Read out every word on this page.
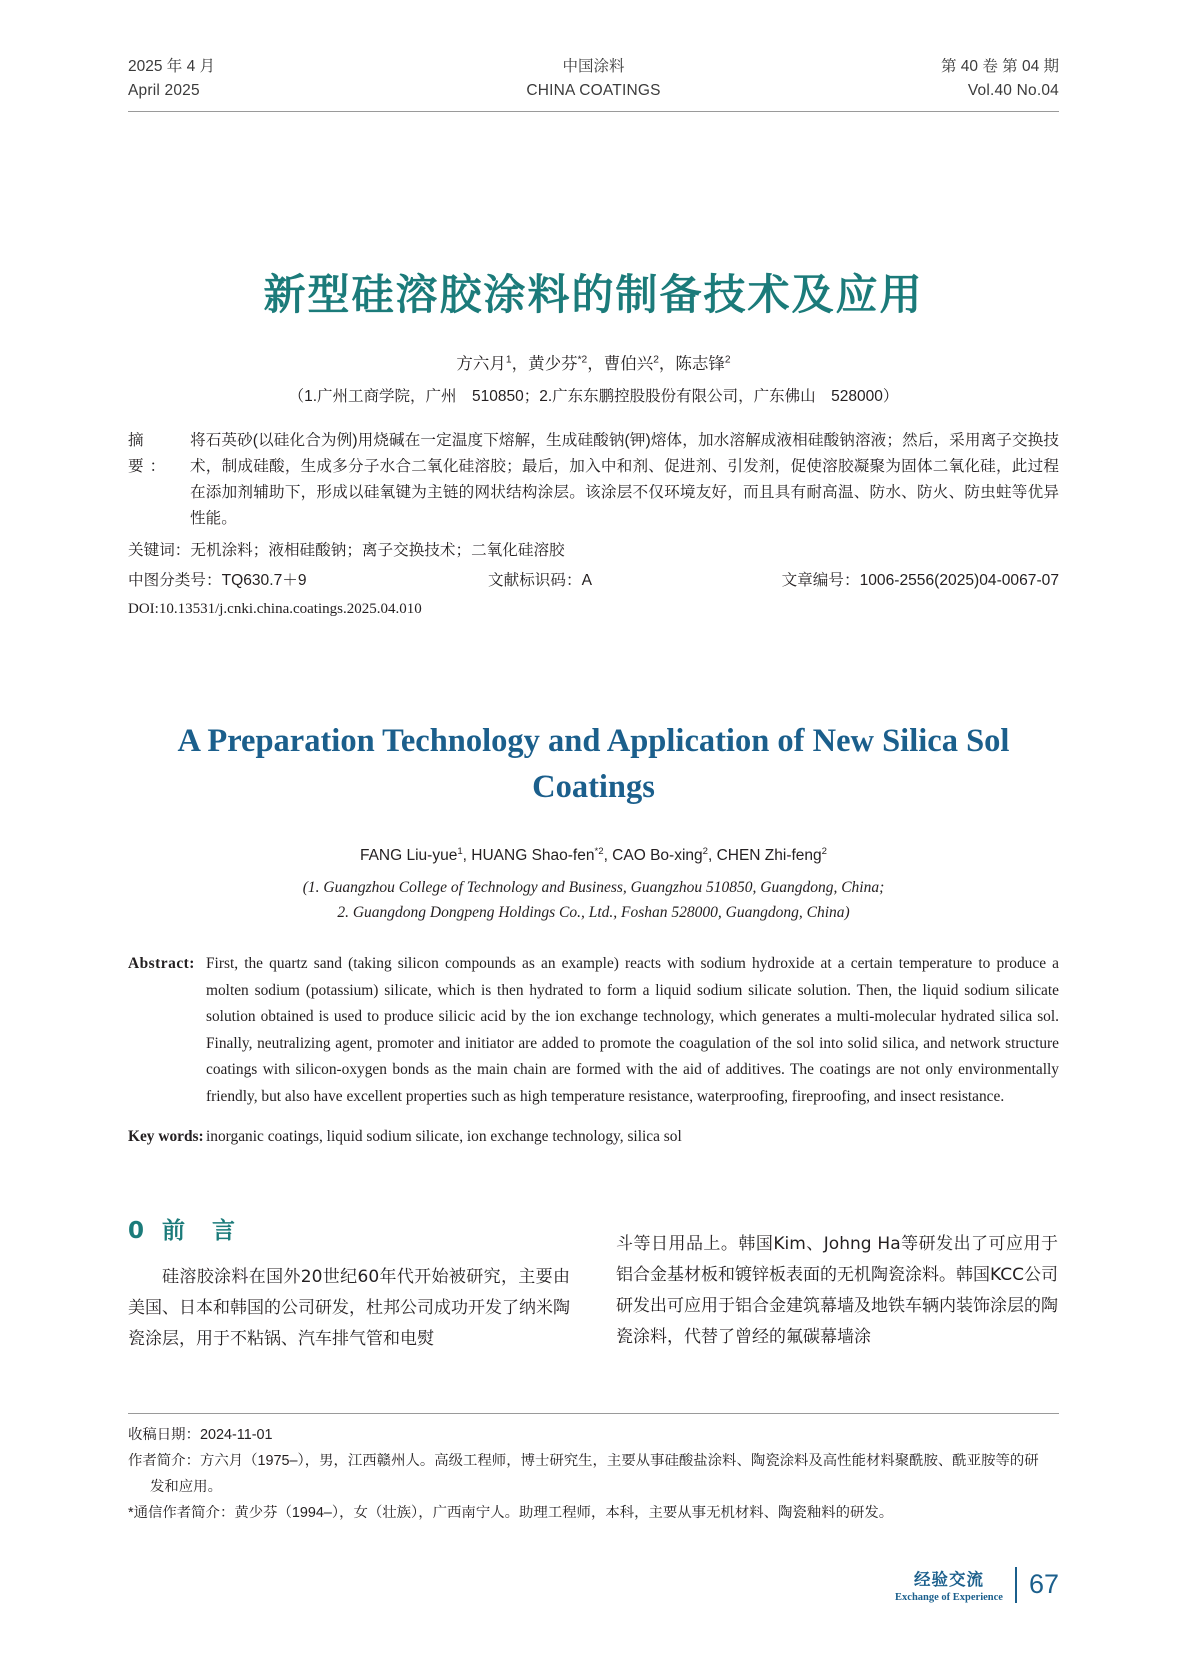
2025 年 4 月
April 2025
中国涂料
CHINA COATINGS
第 40 卷 第 04 期
Vol.40 No.04
新型硅溶胶涂料的制备技术及应用
方六月$^1$，黄少芬$^{*2}$，曹伯兴$^2$，陈志锋$^2$
（1.广州工商学院，广州　510850；2.广东东鹏控股股份有限公司，广东佛山　528000）
摘　要：
将石英砂(以硅化合为例)用烧碱在一定温度下熔解，生成硅酸钠(钾)熔体，加水溶解成液相硅酸钠溶液；然后，采用离子交换技术，制成硅酸，生成多分子水合二氧化硅溶胶；最后，加入中和剂、促进剂、引发剂，促使溶胶凝聚为固体二氧化硅，此过程在添加剂辅助下，形成以硅氧键为主链的网状结构涂层。该涂层不仅环境友好，而且具有耐高温、防水、防火、防虫蛀等优异性能。
关键词：无机涂料；液相硅酸钠；离子交换技术；二氧化硅溶胶
中图分类号：TQ630.7＋9	文献标识码：A	文章编号：1006-2556(2025)04-0067-07
DOI:10.13531/j.cnki.china.coatings.2025.04.010
A Preparation Technology and Application of New Silica Sol Coatings
FANG Liu-yue$^1$, HUANG Shao-fen$^{*2}$, CAO Bo-xing$^2$, CHEN Zhi-feng$^2$
(1. Guangzhou College of Technology and Business, Guangzhou 510850, Guangdong, China;
2. Guangdong Dongpeng Holdings Co., Ltd., Foshan 528000, Guangdong, China)
Abstract: First, the quartz sand (taking silicon compounds as an example) reacts with sodium hydroxide at a certain temperature to produce a molten sodium (potassium) silicate, which is then hydrated to form a liquid sodium silicate solution. Then, the liquid sodium silicate solution obtained is used to produce silicic acid by the ion exchange technology, which generates a multi-molecular hydrated silica sol. Finally, neutralizing agent, promoter and initiator are added to promote the coagulation of the sol into solid silica, and network structure coatings with silicon-oxygen bonds as the main chain are formed with the aid of additives. The coatings are not only environmentally friendly, but also have excellent properties such as high temperature resistance, waterproofing, fireproofing, and insect resistance.
Key words: inorganic coatings, liquid sodium silicate, ion exchange technology, silica sol
0 前　言

硅溶胶涂料在国外20世纪60年代开始被研究，主要由美国、日本和韩国的公司研发，杜邦公司成功开发了纳米陶瓷涂层，用于不粘锅、汽车排气管和电熨

斗等日用品上。韩国Kim、Johng Ha等研发出了可应用于铝合金基材板和镀锌板表面的无机陶瓷涂料。韩国KCC公司研发出可应用于铝合金建筑幕墙及地铁车辆内装饰涂层的陶瓷涂料，代替了曾经的氟碳幕墙涂

收稿日期：2024-11-01

作者简介：方六月（1975–），男，江西赣州人。高级工程师，博士研究生，主要从事硅酸盐涂料、陶瓷涂料及高性能材料聚酰胺、酰亚胺等的研

发和应用。

*通信作者简介：黄少芬（1994–），女（壮族），广西南宁人。助理工程师，本科，主要从事无机材料、陶瓷釉料的研发。

经验交流
Exchange of Experience 67
